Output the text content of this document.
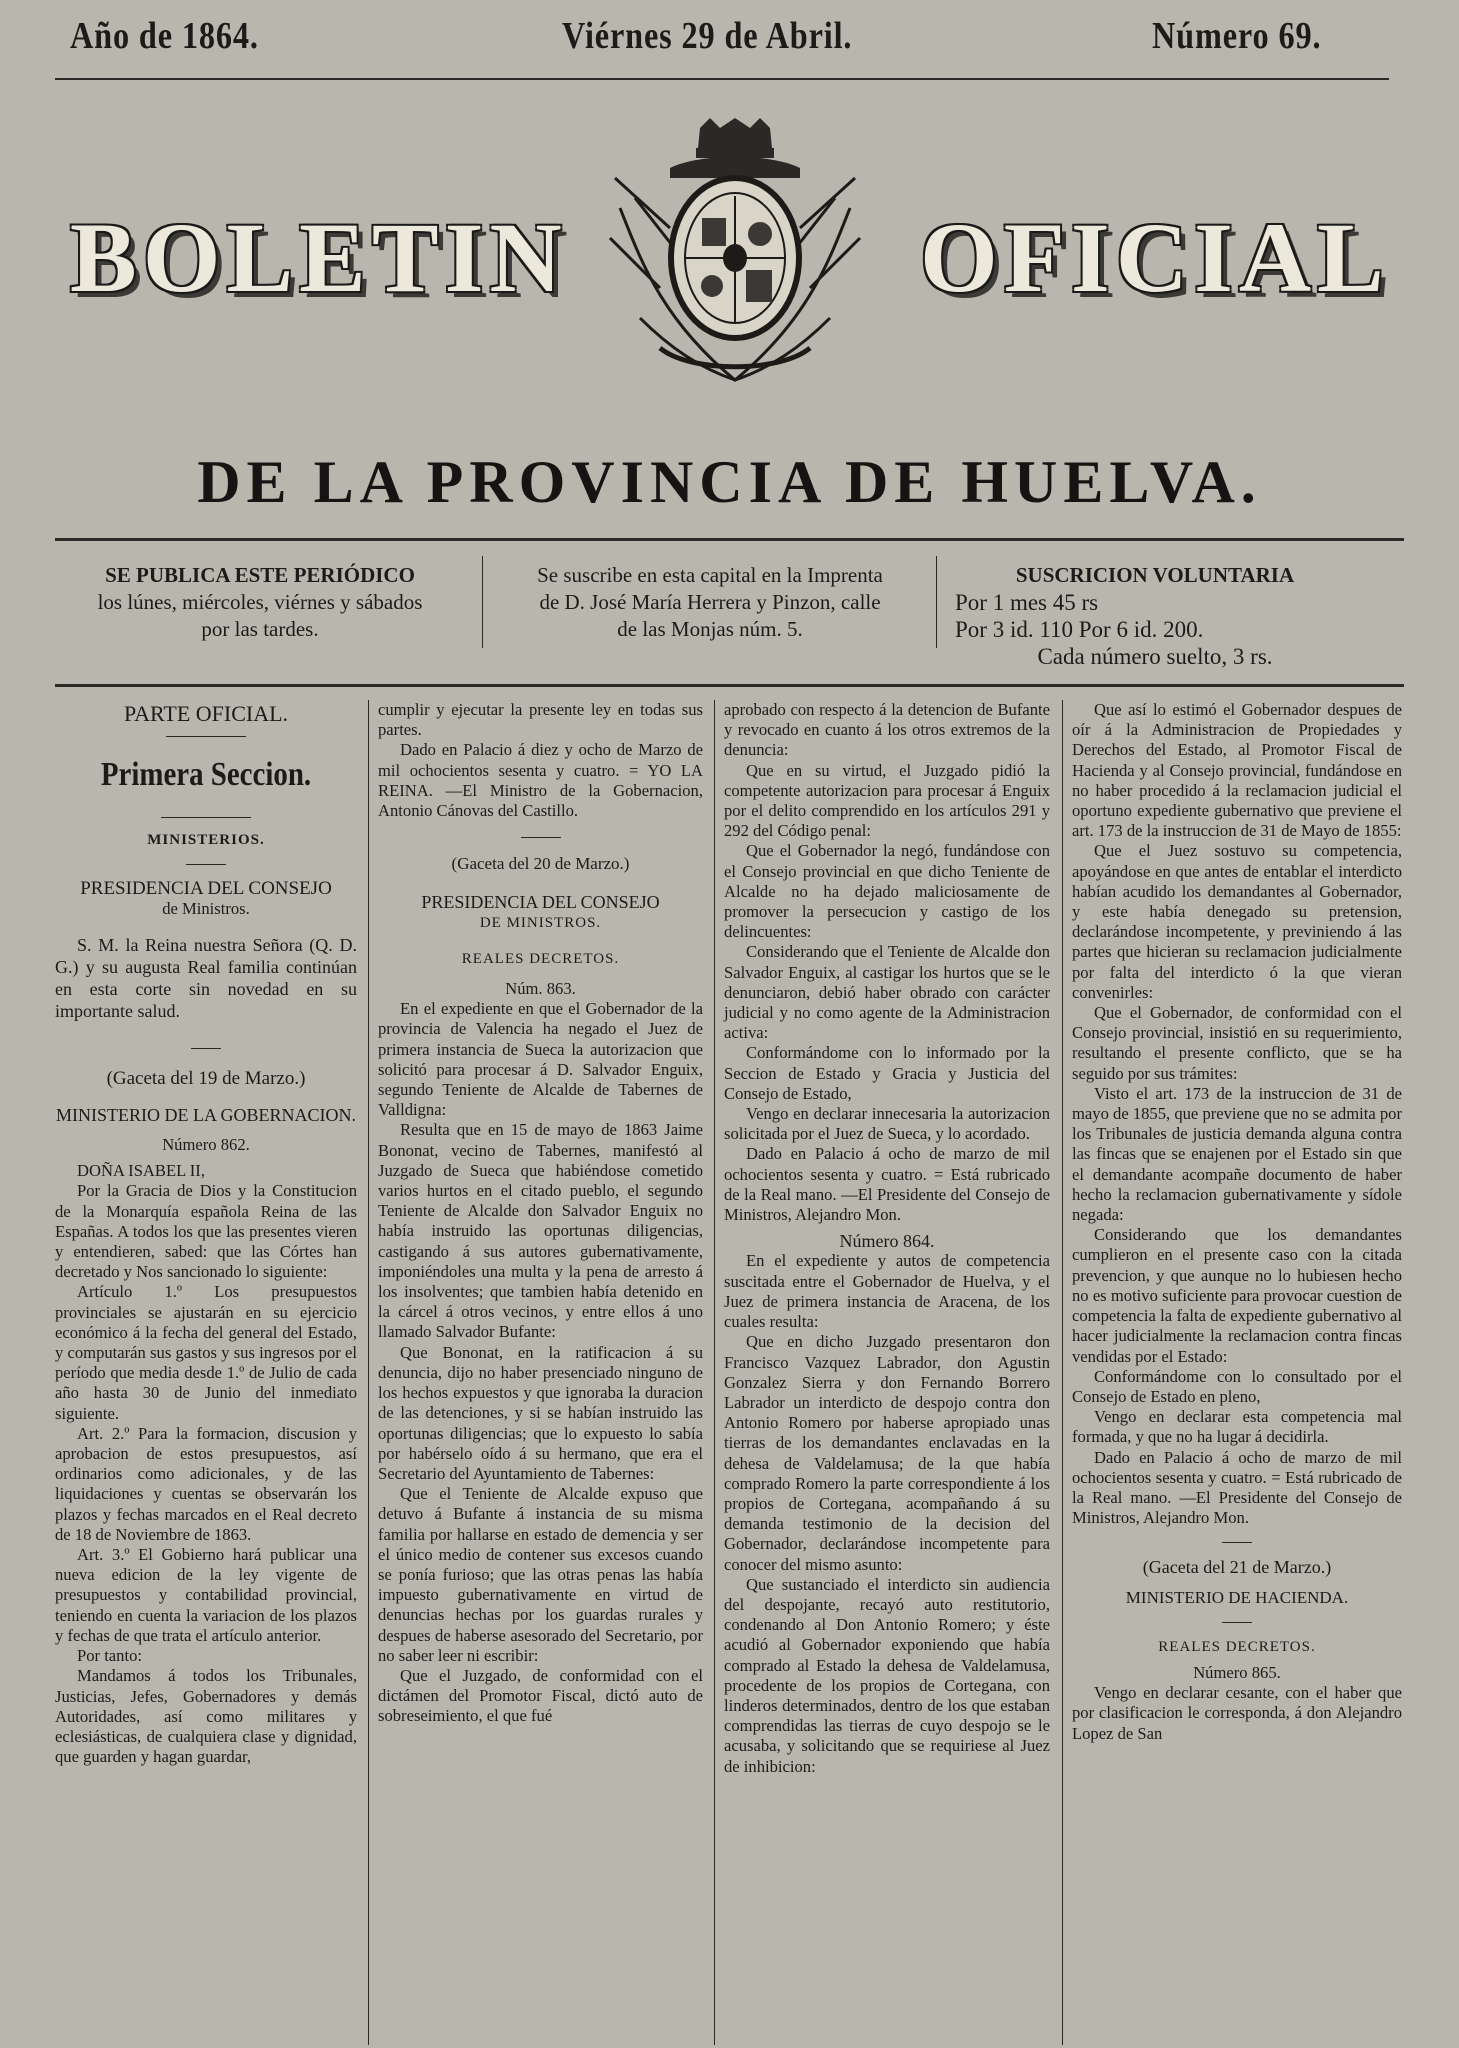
Año de 1864.	Viérnes 29 de Abril.	Número 69.
BOLETIN	OFICIAL
DE LA PROVINCIA DE HUELVA.
SE PUBLICA ESTE PERIÓDICO
los lúnes, miércoles, viérnes y sábados
por las tardes.
Se suscribe en esta capital en la Imprenta
de D. José María Herrera y Pinzon, calle
de las Monjas núm. 5.
SUSCRICION VOLUNTARIA
Por 1 mes 45 rs
Por 3 id. 110 Por 6 id. 200.
Cada número suelto, 3 rs.

PARTE OFICIAL.

Primera Seccion.

MINISTERIOS.

PRESIDENCIA DEL CONSEJO

de Ministros.

S. M. la Reina nuestra Señora (Q. D. G.) y su augusta Real familia continúan en esta corte sin novedad en su importante salud.

(Gaceta del 19 de Marzo.)

MINISTERIO DE LA GOBERNACION.

Número 862.

DOÑA ISABEL II,

Por la Gracia de Dios y la Constitucion de la Monarquía española Reina de las Españas. A todos los que las presentes vieren y entendieren, sabed: que las Córtes han decretado y Nos sancionado lo siguiente:

Artículo 1.º Los presupuestos provinciales se ajustarán en su ejercicio económico á la fecha del general del Estado, y computarán sus gastos y sus ingresos por el período que media desde 1.º de Julio de cada año hasta 30 de Junio del inmediato siguiente.

Art. 2.º Para la formacion, discusion y aprobacion de estos presupuestos, así ordinarios como adicionales, y de las liquidaciones y cuentas se observarán los plazos y fechas marcados en el Real decreto de 18 de Noviembre de 1863.

Art. 3.º El Gobierno hará publicar una nueva edicion de la ley vigente de presupuestos y contabilidad provincial, teniendo en cuenta la variacion de los plazos y fechas de que trata el artículo anterior.

Por tanto:

Mandamos á todos los Tribunales, Justicias, Jefes, Gobernadores y demás Autoridades, así como militares y eclesiásticas, de cualquiera clase y dignidad, que guarden y hagan guardar,

cumplir y ejecutar la presente ley en todas sus partes.

Dado en Palacio á diez y ocho de Marzo de mil ochocientos sesenta y cuatro. = YO LA REINA. —El Ministro de la Gobernacion, Antonio Cánovas del Castillo.

(Gaceta del 20 de Marzo.)

PRESIDENCIA DEL CONSEJO

DE MINISTROS.

REALES DECRETOS.

Núm. 863.

En el expediente en que el Gobernador de la provincia de Valencia ha negado el Juez de primera instancia de Sueca la autorizacion que solicitó para procesar á D. Salvador Enguix, segundo Teniente de Alcalde de Tabernes de Valldigna:

Resulta que en 15 de mayo de 1863 Jaime Bononat, vecino de Tabernes, manifestó al Juzgado de Sueca que habiéndose cometido varios hurtos en el citado pueblo, el segundo Teniente de Alcalde don Salvador Enguix no había instruido las oportunas diligencias, castigando á sus autores gubernativamente, imponiéndoles una multa y la pena de arresto á los insolventes; que tambien había detenido en la cárcel á otros vecinos, y entre ellos á uno llamado Salvador Bufante:

Que Bononat, en la ratificacion á su denuncia, dijo no haber presenciado ninguno de los hechos expuestos y que ignoraba la duracion de las detenciones, y si se habían instruido las oportunas diligencias; que lo expuesto lo sabía por habérselo oído á su hermano, que era el Secretario del Ayuntamiento de Tabernes:

Que el Teniente de Alcalde expuso que detuvo á Bufante á instancia de su misma familia por hallarse en estado de demencia y ser el único medio de contener sus excesos cuando se ponía furioso; que las otras penas las había impuesto gubernativamente en virtud de denuncias hechas por los guardas rurales y despues de haberse asesorado del Secretario, por no saber leer ni escribir:

Que el Juzgado, de conformidad con el dictámen del Promotor Fiscal, dictó auto de sobreseimiento, el que fué

aprobado con respecto á la detencion de Bufante y revocado en cuanto á los otros extremos de la denuncia:

Que en su virtud, el Juzgado pidió la competente autorizacion para procesar á Enguix por el delito comprendido en los artículos 291 y 292 del Código penal:

Que el Gobernador la negó, fundándose con el Consejo provincial en que dicho Teniente de Alcalde no ha dejado maliciosamente de promover la persecucion y castigo de los delincuentes:

Considerando que el Teniente de Alcalde don Salvador Enguix, al castigar los hurtos que se le denunciaron, debió haber obrado con carácter judicial y no como agente de la Administracion activa:

Conformándome con lo informado por la Seccion de Estado y Gracia y Justicia del Consejo de Estado,

Vengo en declarar innecesaria la autorizacion solicitada por el Juez de Sueca, y lo acordado.

Dado en Palacio á ocho de marzo de mil ochocientos sesenta y cuatro. = Está rubricado de la Real mano. —El Presidente del Consejo de Ministros, Alejandro Mon.

Número 864.

En el expediente y autos de competencia suscitada entre el Gobernador de Huelva, y el Juez de primera instancia de Aracena, de los cuales resulta:

Que en dicho Juzgado presentaron don Francisco Vazquez Labrador, don Agustin Gonzalez Sierra y don Fernando Borrero Labrador un interdicto de despojo contra don Antonio Romero por haberse apropiado unas tierras de los demandantes enclavadas en la dehesa de Valdelamusa; de la que había comprado Romero la parte correspondiente á los propios de Cortegana, acompañando á su demanda testimonio de la decision del Gobernador, declarándose incompetente para conocer del mismo asunto:

Que sustanciado el interdicto sin audiencia del despojante, recayó auto restitutorio, condenando al Don Antonio Romero; y éste acudió al Gobernador exponiendo que había comprado al Estado la dehesa de Valdelamusa, procedente de los propios de Cortegana, con linderos determinados, dentro de los que estaban comprendidas las tierras de cuyo despojo se le acusaba, y solicitando que se requiriese al Juez de inhibicion:

Que así lo estimó el Gobernador despues de oír á la Administracion de Propiedades y Derechos del Estado, al Promotor Fiscal de Hacienda y al Consejo provincial, fundándose en no haber procedido á la reclamacion judicial el oportuno expediente gubernativo que previene el art. 173 de la instruccion de 31 de Mayo de 1855:

Que el Juez sostuvo su competencia, apoyándose en que antes de entablar el interdicto habían acudido los demandantes al Gobernador, y este había denegado su pretension, declarándose incompetente, y previniendo á las partes que hicieran su reclamacion judicialmente por falta del interdicto ó la que vieran convenirles:

Que el Gobernador, de conformidad con el Consejo provincial, insistió en su requerimiento, resultando el presente conflicto, que se ha seguido por sus trámites:

Visto el art. 173 de la instruccion de 31 de mayo de 1855, que previene que no se admita por los Tribunales de justicia demanda alguna contra las fincas que se enajenen por el Estado sin que el demandante acompañe documento de haber hecho la reclamacion gubernativamente y sídole negada:

Considerando que los demandantes cumplieron en el presente caso con la citada prevencion, y que aunque no lo hubiesen hecho no es motivo suficiente para provocar cuestion de competencia la falta de expediente gubernativo al hacer judicialmente la reclamacion contra fincas vendidas por el Estado:

Conformándome con lo consultado por el Consejo de Estado en pleno,

Vengo en declarar esta competencia mal formada, y que no ha lugar á decidirla.

Dado en Palacio á ocho de marzo de mil ochocientos sesenta y cuatro. = Está rubricado de la Real mano. —El Presidente del Consejo de Ministros, Alejandro Mon.

(Gaceta del 21 de Marzo.)

MINISTERIO DE HACIENDA.

REALES DECRETOS.

Número 865.

Vengo en declarar cesante, con el haber que por clasificacion le corresponda, á don Alejandro Lopez de San
